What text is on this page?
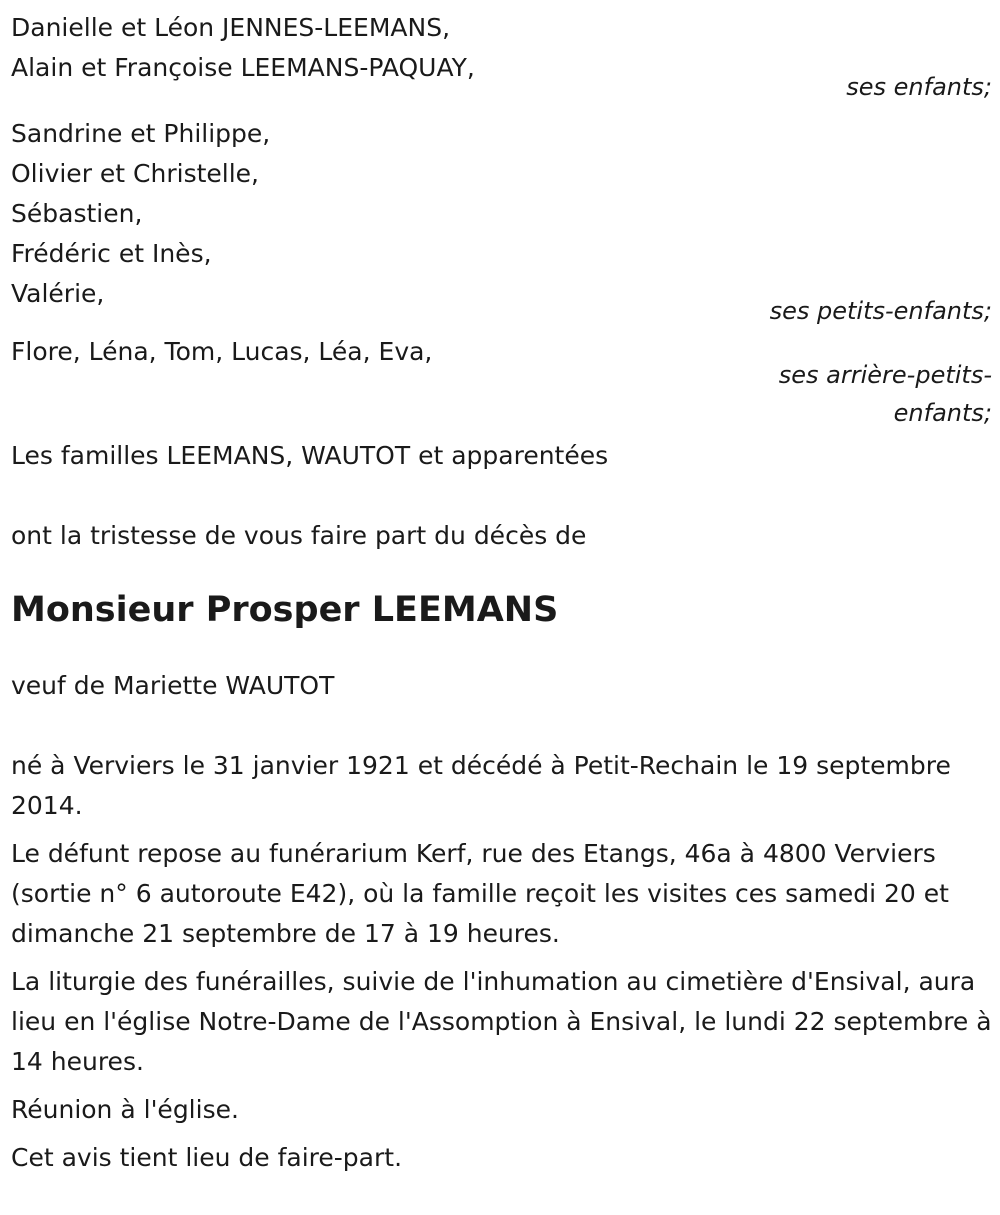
Danielle et Léon JENNES-LEEMANS,
Alain et Françoise LEEMANS-PAQUAY,
ses enfants;
Sandrine et Philippe,
Olivier et Christelle,
Sébastien,
Frédéric et Inès,
Valérie,
ses petits-enfants;
Flore, Léna, Tom, Lucas, Léa, Eva,
ses arrière-petits-
enfants;
Les familles LEEMANS, WAUTOT et apparentées
ont la tristesse de vous faire part du décès de
Monsieur Prosper LEEMANS
veuf de Mariette WAUTOT
né à Verviers le 31 janvier 1921 et décédé à Petit-Rechain le 19 septembre 2014.
Le défunt repose au funérarium Kerf, rue des Etangs, 46a à 4800 Verviers (sortie n° 6 autoroute E42), où la famille reçoit les visites ces samedi 20 et dimanche 21 septembre de 17 à 19 heures.
La liturgie des funérailles, suivie de l'inhumation au cimetière d'Ensival, aura lieu en l'église Notre-Dame de l'Assomption à Ensival, le lundi 22 septembre à 14 heures.
Réunion à l'église.
Cet avis tient lieu de faire-part.
